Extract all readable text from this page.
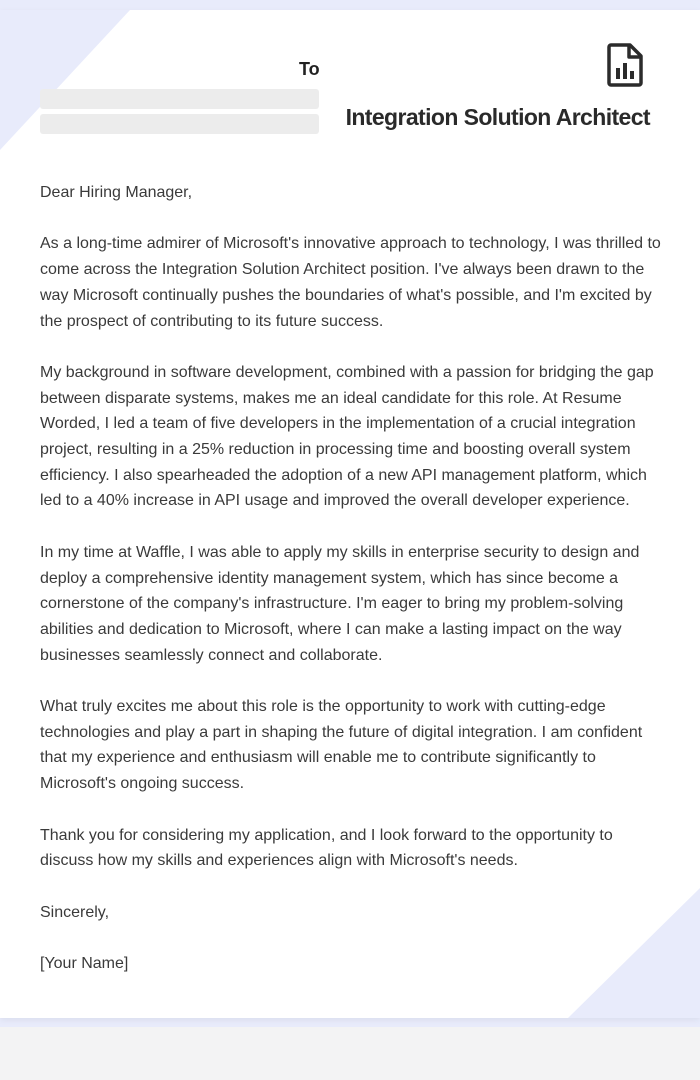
To
Integration Solution Architect

Dear Hiring Manager,

As a long-time admirer of Microsoft's innovative approach to technology, I was thrilled to come across the Integration Solution Architect position. I've always been drawn to the way Microsoft continually pushes the boundaries of what's possible, and I'm excited by the prospect of contributing to its future success.

My background in software development, combined with a passion for bridging the gap between disparate systems, makes me an ideal candidate for this role. At Resume Worded, I led a team of five developers in the implementation of a crucial integration project, resulting in a 25% reduction in processing time and boosting overall system efficiency. I also spearheaded the adoption of a new API management platform, which led to a 40% increase in API usage and improved the overall developer experience.

In my time at Waffle, I was able to apply my skills in enterprise security to design and deploy a comprehensive identity management system, which has since become a cornerstone of the company's infrastructure. I'm eager to bring my problem-solving abilities and dedication to Microsoft, where I can make a lasting impact on the way businesses seamlessly connect and collaborate.

What truly excites me about this role is the opportunity to work with cutting-edge technologies and play a part in shaping the future of digital integration. I am confident that my experience and enthusiasm will enable me to contribute significantly to Microsoft's ongoing success.

Thank you for considering my application, and I look forward to the opportunity to discuss how my skills and experiences align with Microsoft's needs.

Sincerely,

[Your Name]
